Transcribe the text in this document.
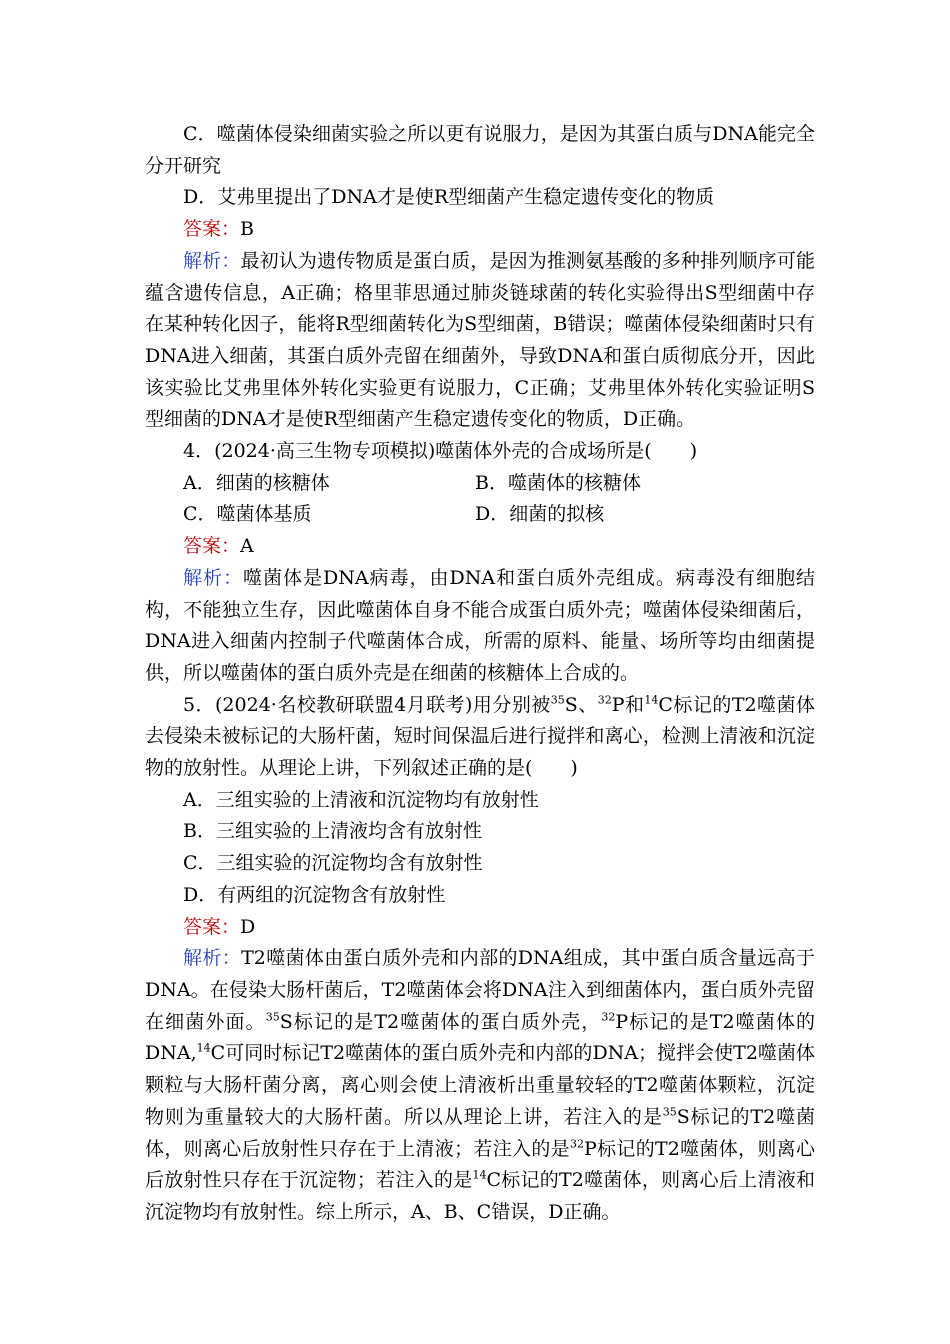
C．噬菌体侵染细菌实验之所以更有说服力，是因为其蛋白质与DNA能完全分开研究

D．艾弗里提出了DNA才是使R型细菌产生稳定遗传变化的物质

答案：B

解析：最初认为遗传物质是蛋白质，是因为推测氨基酸的多种排列顺序可能蕴含遗传信息，A正确；格里菲思通过肺炎链球菌的转化实验得出S型细菌中存在某种转化因子，能将R型细菌转化为S型细菌，B错误；噬菌体侵染细菌时只有DNA进入细菌，其蛋白质外壳留在细菌外，导致DNA和蛋白质彻底分开，因此该实验比艾弗里体外转化实验更有说服力，C正确；艾弗里体外转化实验证明S型细菌的DNA才是使R型细菌产生稳定遗传变化的物质，D正确。

4．(2024·高三生物专项模拟)噬菌体外壳的合成场所是(　　)

A．细菌的核糖体	B．噬菌体的核糖体
C．噬菌体基质	D．细菌的拟核

答案：A

解析：噬菌体是DNA病毒，由DNA和蛋白质外壳组成。病毒没有细胞结构，不能独立生存，因此噬菌体自身不能合成蛋白质外壳；噬菌体侵染细菌后，DNA进入细菌内控制子代噬菌体合成，所需的原料、能量、场所等均由细菌提供，所以噬菌体的蛋白质外壳是在细菌的核糖体上合成的。

5．(2024·名校教研联盟4月联考)用分别被$^{35}$S、$^{32}$P和$^{14}$C标记的T2噬菌体去侵染未被标记的大肠杆菌，短时间保温后进行搅拌和离心，检测上清液和沉淀物的放射性。从理论上讲，下列叙述正确的是(　　)

A．三组实验的上清液和沉淀物均有放射性

B．三组实验的上清液均含有放射性

C．三组实验的沉淀物均含有放射性

D．有两组的沉淀物含有放射性

答案：D

解析：T2噬菌体由蛋白质外壳和内部的DNA组成，其中蛋白质含量远高于DNA。在侵染大肠杆菌后，T2噬菌体会将DNA注入到细菌体内，蛋白质外壳留在细菌外面。$^{35}$S标记的是T2噬菌体的蛋白质外壳，$^{32}$P标记的是T2噬菌体的DNA,$^{14}$C可同时标记T2噬菌体的蛋白质外壳和内部的DNA；搅拌会使T2噬菌体颗粒与大肠杆菌分离，离心则会使上清液析出重量较轻的T2噬菌体颗粒，沉淀物则为重量较大的大肠杆菌。所以从理论上讲，若注入的是$^{35}$S标记的T2噬菌体，则离心后放射性只存在于上清液；若注入的是$^{32}$P标记的T2噬菌体，则离心后放射性只存在于沉淀物；若注入的是$^{14}$C标记的T2噬菌体，则离心后上清液和沉淀物均有放射性。综上所示，A、B、C错误，D正确。
